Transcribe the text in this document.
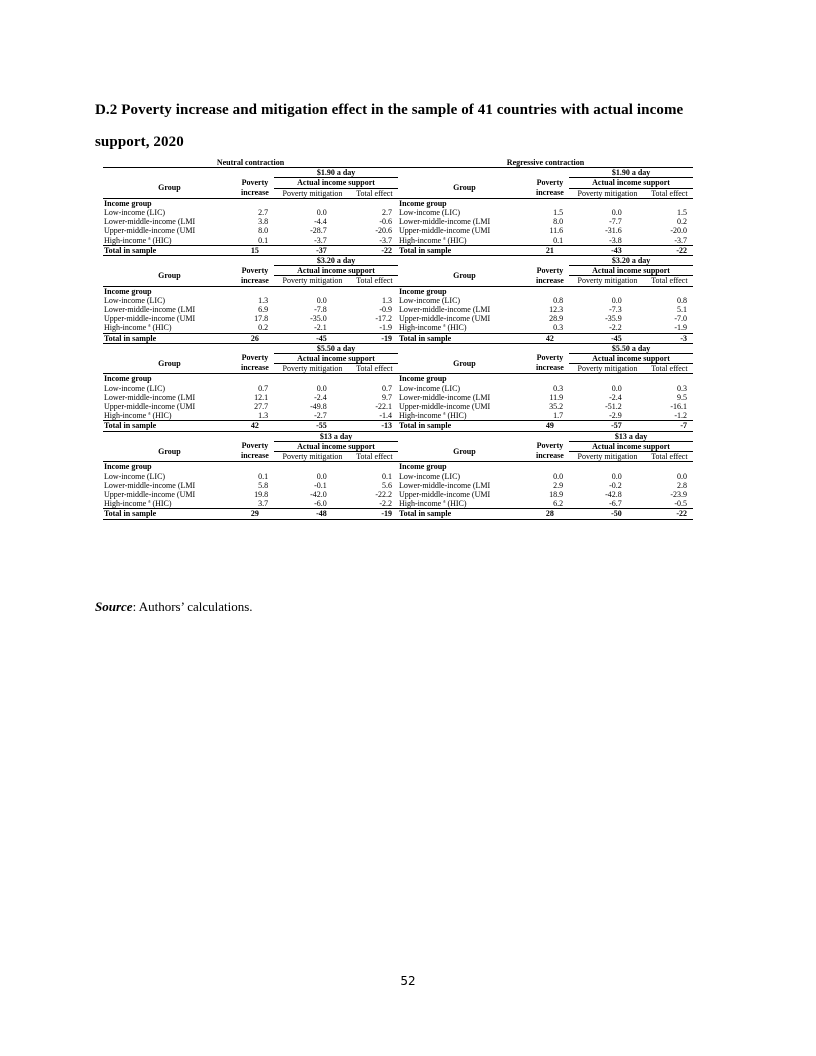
D.2 Poverty increase and mitigation effect in the sample of 41 countries with actual income support, 2020
Neutral contraction			
		$1.90 a day	
Group	Poverty	Actual income support	
	increase	Poverty mitigation	Total effect
Income group			
Low-income (LIC)	2.7	0.0	2.7
Lower-middle-income (LMI	3.8	-4.4	-0.6
Upper-middle-income (UMI	8.0	-28.7	-20.6
High-income $^a$ (HIC)	0.1	-3.7	-3.7
Total in sample	15	-37	-22
		$3.20 a day	
Group	Poverty	Actual income support	
	increase	Poverty mitigation	Total effect
Income group			
Low-income (LIC)	1.3	0.0	1.3
Lower-middle-income (LMI	6.9	-7.8	-0.9
Upper-middle-income (UMI	17.8	-35.0	-17.2
High-income $^a$ (HIC)	0.2	-2.1	-1.9
Total in sample	26	-45	-19
		$5.50 a day	
Group	Poverty	Actual income support	
	increase	Poverty mitigation	Total effect
Income group			
Low-income (LIC)	0.7	0.0	0.7
Lower-middle-income (LMI	12.1	-2.4	9.7
Upper-middle-income (UMI	27.7	-49.8	-22.1
High-income $^a$ (HIC)	1.3	-2.7	-1.4
Total in sample	42	-55	-13
		$13 a day	
Group	Poverty	Actual income support	
	increase	Poverty mitigation	Total effect
Income group			
Low-income (LIC)	0.1	0.0	0.1
Lower-middle-income (LMI	5.8	-0.1	5.6
Upper-middle-income (UMI	19.8	-42.0	-22.2
High-income $^a$ (HIC)	3.7	-6.0	-2.2
Total in sample	29	-48	-19
Regressive contraction			
		$1.90 a day	
Group	Poverty	Actual income support	
	increase	Poverty mitigation	Total effect
Income group			
Low-income (LIC)	1.5	0.0	1.5
Lower-middle-income (LMI	8.0	-7.7	0.2
Upper-middle-income (UMI	11.6	-31.6	-20.0
High-income $^a$ (HIC)	0.1	-3.8	-3.7
Total in sample	21	-43	-22
		$3.20 a day	
Group	Poverty	Actual income support	
	increase	Poverty mitigation	Total effect
Income group			
Low-income (LIC)	0.8	0.0	0.8
Lower-middle-income (LMI	12.3	-7.3	5.1
Upper-middle-income (UMI	28.9	-35.9	-7.0
High-income $^a$ (HIC)	0.3	-2.2	-1.9
Total in sample	42	-45	-3
		$5.50 a day	
Group	Poverty	Actual income support	
	increase	Poverty mitigation	Total effect
Income group			
Low-income (LIC)	0.3	0.0	0.3
Lower-middle-income (LMI	11.9	-2.4	9.5
Upper-middle-income (UMI	35.2	-51.2	-16.1
High-income $^a$ (HIC)	1.7	-2.9	-1.2
Total in sample	49	-57	-7
		$13 a day	
Group	Poverty	Actual income support	
	increase	Poverty mitigation	Total effect
Income group			
Low-income (LIC)	0.0	0.0	0.0
Lower-middle-income (LMI	2.9	-0.2	2.8
Upper-middle-income (UMI	18.9	-42.8	-23.9
High-income $^a$ (HIC)	6.2	-6.7	-0.5
Total in sample	28	-50	-22
Source: Authors’ calculations.
52
